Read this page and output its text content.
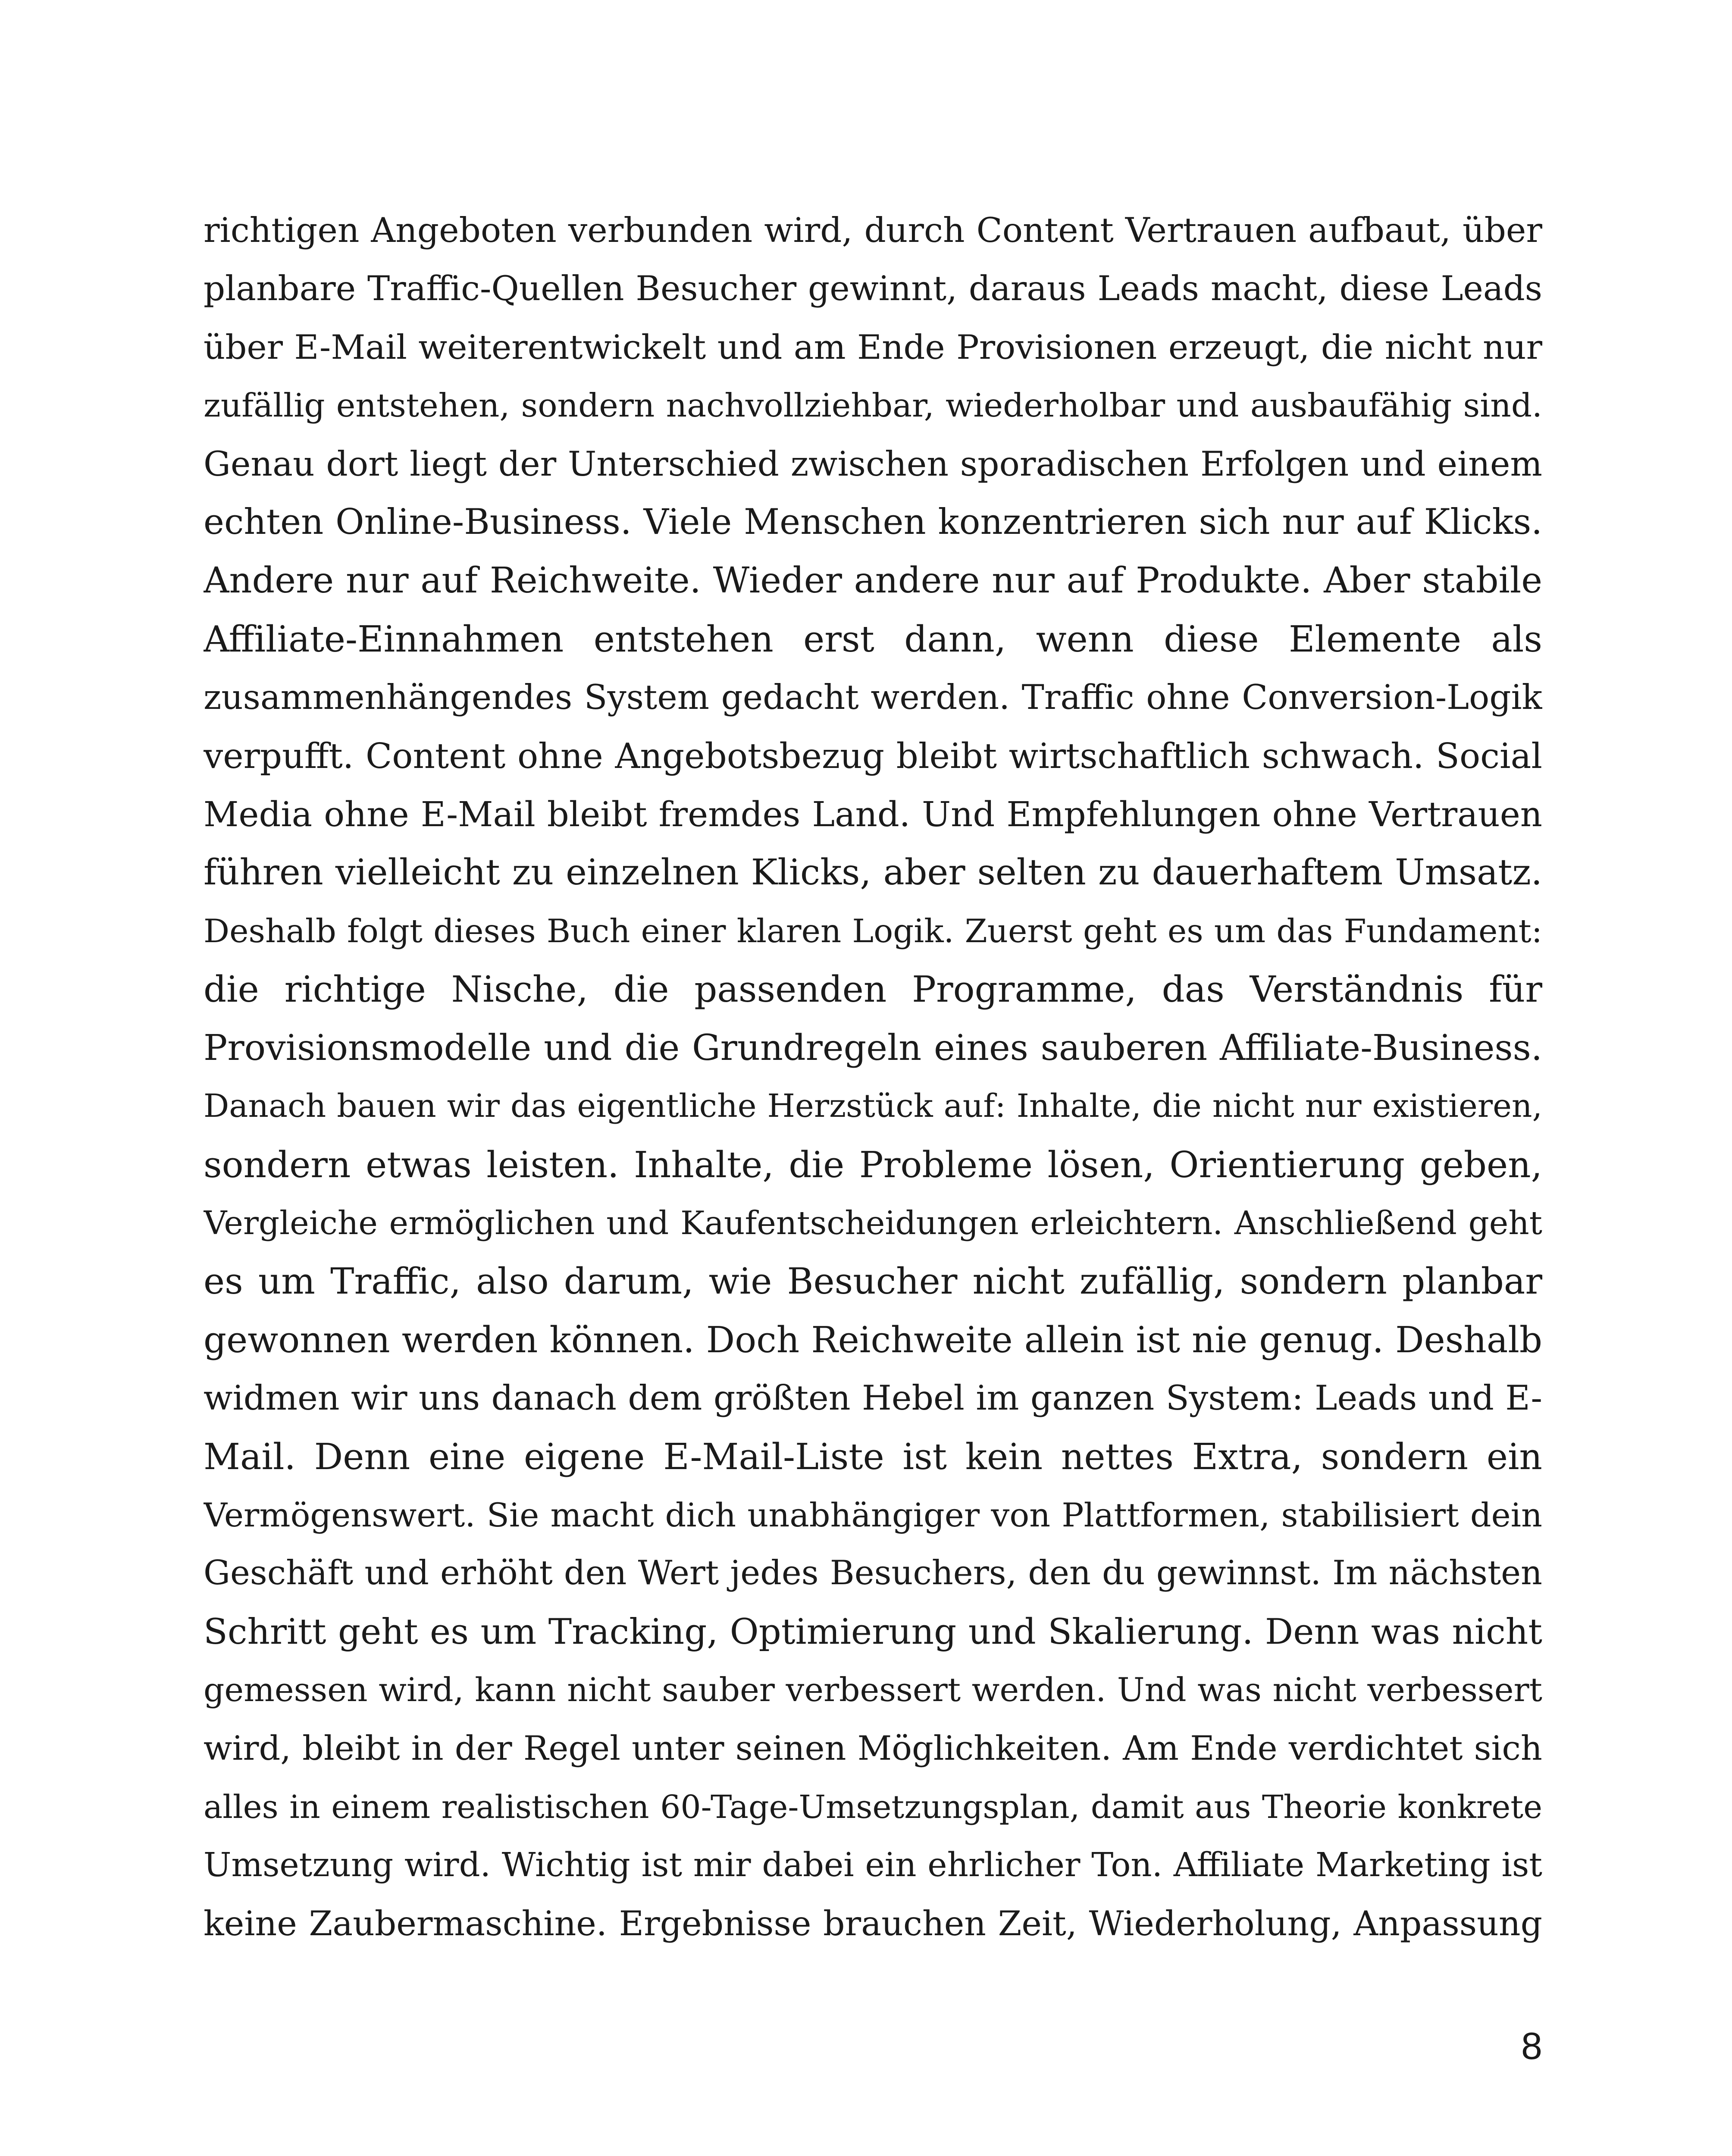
richtigen Angeboten verbunden wird, durch Content Vertrauen aufbaut, über
planbare Traffic-Quellen Besucher gewinnt, daraus Leads macht, diese Leads
über E-Mail weiterentwickelt und am Ende Provisionen erzeugt, die nicht nur
zufällig entstehen, sondern nachvollziehbar, wiederholbar und ausbaufähig sind.
Genau dort liegt der Unterschied zwischen sporadischen Erfolgen und einem
echten Online-Business. Viele Menschen konzentrieren sich nur auf Klicks.
Andere nur auf Reichweite. Wieder andere nur auf Produkte. Aber stabile
Affiliate-Einnahmen entstehen erst dann, wenn diese Elemente als
zusammenhängendes System gedacht werden. Traffic ohne Conversion-Logik
verpufft. Content ohne Angebotsbezug bleibt wirtschaftlich schwach. Social
Media ohne E-Mail bleibt fremdes Land. Und Empfehlungen ohne Vertrauen
führen vielleicht zu einzelnen Klicks, aber selten zu dauerhaftem Umsatz.
Deshalb folgt dieses Buch einer klaren Logik. Zuerst geht es um das Fundament:
die richtige Nische, die passenden Programme, das Verständnis für
Provisionsmodelle und die Grundregeln eines sauberen Affiliate-Business.
Danach bauen wir das eigentliche Herzstück auf: Inhalte, die nicht nur existieren,
sondern etwas leisten. Inhalte, die Probleme lösen, Orientierung geben,
Vergleiche ermöglichen und Kaufentscheidungen erleichtern. Anschließend geht
es um Traffic, also darum, wie Besucher nicht zufällig, sondern planbar
gewonnen werden können. Doch Reichweite allein ist nie genug. Deshalb
widmen wir uns danach dem größten Hebel im ganzen System: Leads und E-
Mail. Denn eine eigene E-Mail-Liste ist kein nettes Extra, sondern ein
Vermögenswert. Sie macht dich unabhängiger von Plattformen, stabilisiert dein
Geschäft und erhöht den Wert jedes Besuchers, den du gewinnst. Im nächsten
Schritt geht es um Tracking, Optimierung und Skalierung. Denn was nicht
gemessen wird, kann nicht sauber verbessert werden. Und was nicht verbessert
wird, bleibt in der Regel unter seinen Möglichkeiten. Am Ende verdichtet sich
alles in einem realistischen 60-Tage-Umsetzungsplan, damit aus Theorie konkrete
Umsetzung wird. Wichtig ist mir dabei ein ehrlicher Ton. Affiliate Marketing ist
keine Zaubermaschine. Ergebnisse brauchen Zeit, Wiederholung, Anpassung
8
